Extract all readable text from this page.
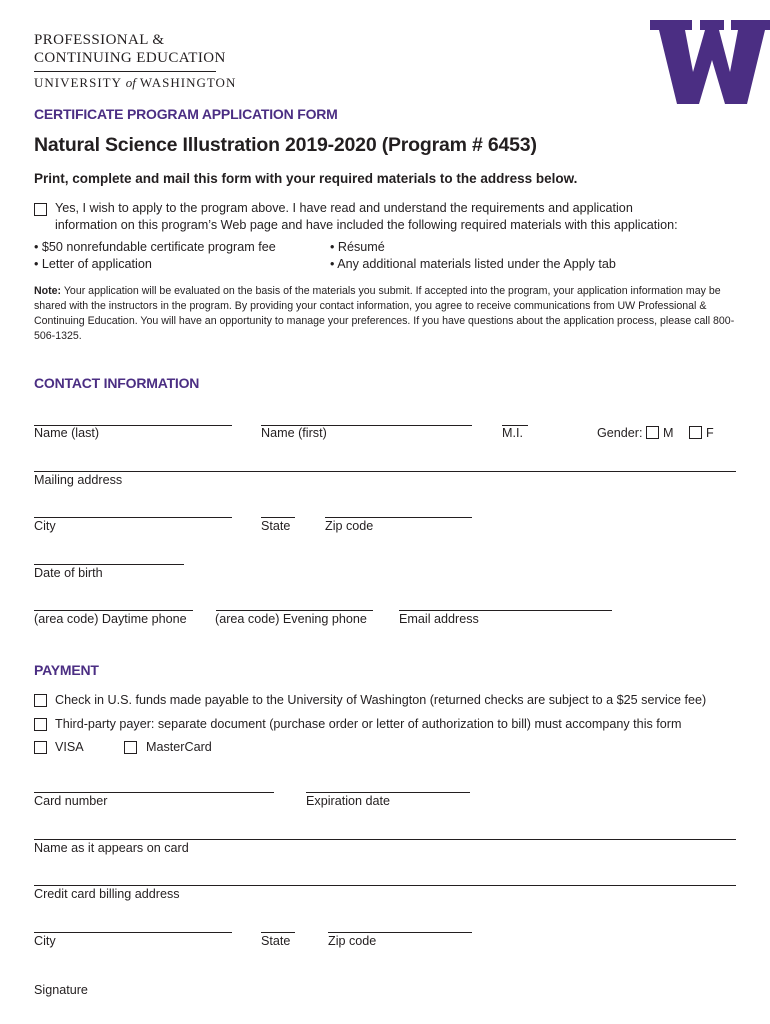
PROFESSIONAL &
CONTINUING EDUCATION
UNIVERSITY of WASHINGTON
CERTIFICATE PROGRAM APPLICATION FORM
Natural Science Illustration 2019-2020 (Program # 6453)
Print, complete and mail this form with your required materials to the address below.
Yes, I wish to apply to the program above. I have read and understand the requirements and application
information on this program’s Web page and have included the following required materials with this application:
• $50 nonrefundable certificate program fee
• Letter of application
• Résumé
• Any additional materials listed under the Apply tab
Note: Your application will be evaluated on the basis of the materials you submit. If accepted into the program, your application information may be shared with the instructors in the program. By providing your contact information, you agree to receive communications from UW Professional & Continuing Education. You will have an opportunity to manage your preferences. If you have questions about the application process, please call 800-506-1325.
CONTACT INFORMATION
Name (last)	Name (first)	M.I.	Gender: M	F
Mailing address
City	State	Zip code
Date of birth
(area code) Daytime phone (area code) Evening phone	Email address
PAYMENT
Check in U.S. funds made payable to the University of Washington (returned checks are subject to a $25 service fee)
Third-party payer: separate document (purchase order or letter of authorization to bill) must accompany this form
VISA	MasterCard
Card number	Expiration date
Name as it appears on card
Credit card billing address
City	State	Zip code
Signature
